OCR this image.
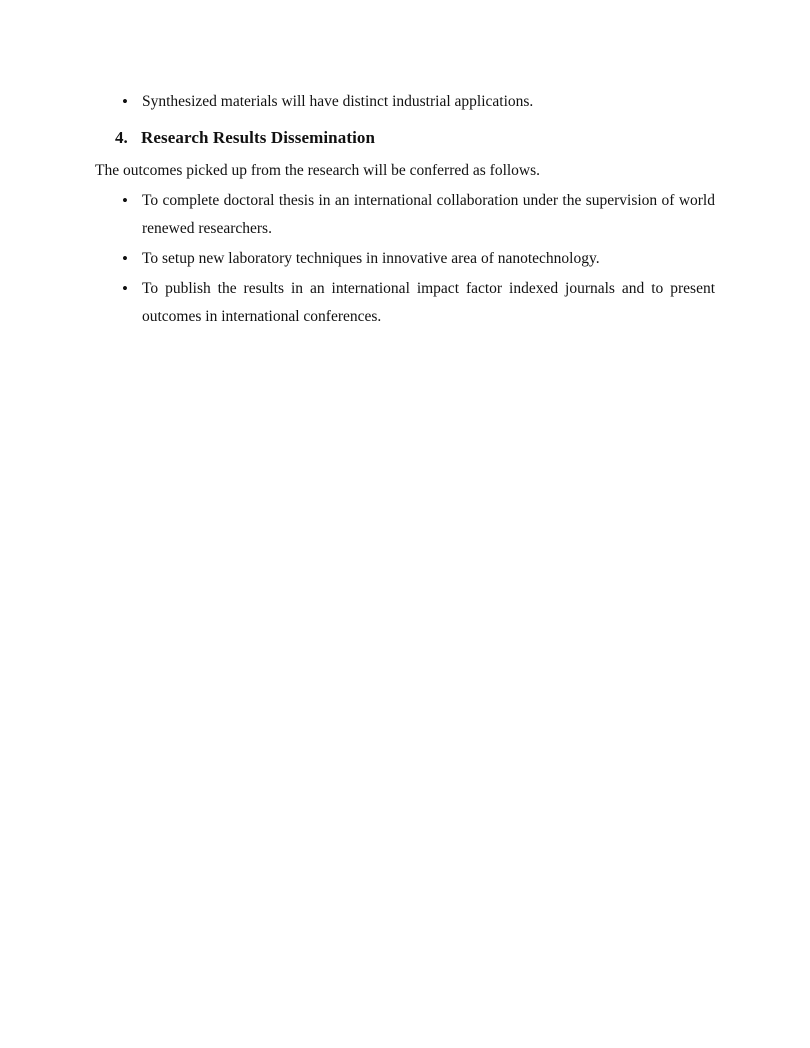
• Synthesized materials will have distinct industrial applications.
4. Research Results Dissemination

The outcomes picked up from the research will be conferred as follows.

• To complete doctoral thesis in an international collaboration under the supervision of world renewed researchers.
• To setup new laboratory techniques in innovative area of nanotechnology.
• To publish the results in an international impact factor indexed journals and to present outcomes in international conferences.
